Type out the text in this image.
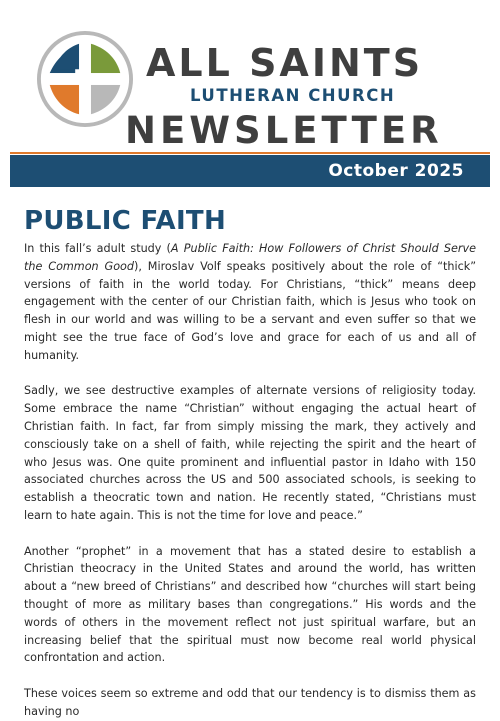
ALL SAINTS
LUTHERAN CHURCH
NEWSLETTER
October 2025
PUBLIC FAITH

In this fall’s adult study (A Public Faith: How Followers of Christ Should Serve the Common Good), Miroslav Volf speaks positively about the role of “thick” versions of faith in the world today. For Christians, “thick” means deep engagement with the center of our Christian faith, which is Jesus who took on flesh in our world and was willing to be a servant and even suffer so that we might see the true face of God’s love and grace for each of us and all of humanity.

Sadly, we see destructive examples of alternate versions of religiosity today. Some embrace the name “Christian” without engaging the actual heart of Christian faith. In fact, far from simply missing the mark, they actively and consciously take on a shell of faith, while rejecting the spirit and the heart of who Jesus was. One quite prominent and influential pastor in Idaho with 150 associated churches across the US and 500 associated schools, is seeking to establish a theocratic town and nation. He recently stated, “Christians must learn to hate again. This is not the time for love and peace.”

Another “prophet” in a movement that has a stated desire to establish a Christian theocracy in the United States and around the world, has written about a “new breed of Christians” and described how “churches will start being thought of more as military bases than congregations.” His words and the words of others in the movement reflect not just spiritual warfare, but an increasing belief that the spiritual must now become real world physical confrontation and action.

These voices seem so extreme and odd that our tendency is to dismiss them as having no
